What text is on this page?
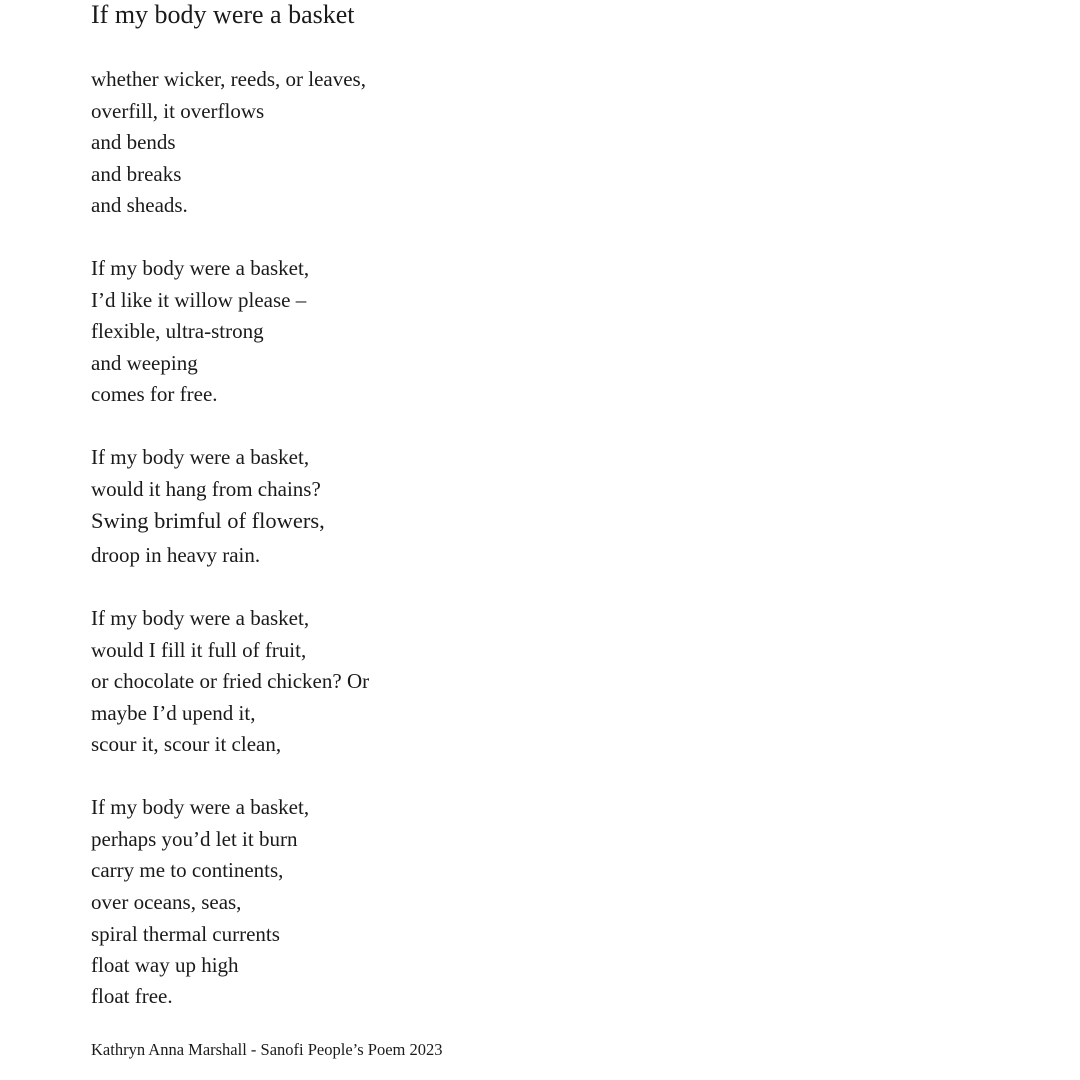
If my body were a basket
whether wicker, reeds, or leaves,
overfill, it overflows
and bends
and breaks
and sheads.
If my body were a basket,
I’d like it willow please –
flexible, ultra-strong
and weeping
comes for free.
If my body were a basket,
would it hang from chains?
Swing brimful of flowers,
droop in heavy rain.
If my body were a basket,
would I fill it full of fruit,
or chocolate or fried chicken? Or
maybe I’d upend it,
scour it, scour it clean,
If my body were a basket,
perhaps you’d let it burn
carry me to continents,
over oceans, seas,
spiral thermal currents
float way up high
float free.
Kathryn Anna Marshall - Sanofi People’s Poem 2023
